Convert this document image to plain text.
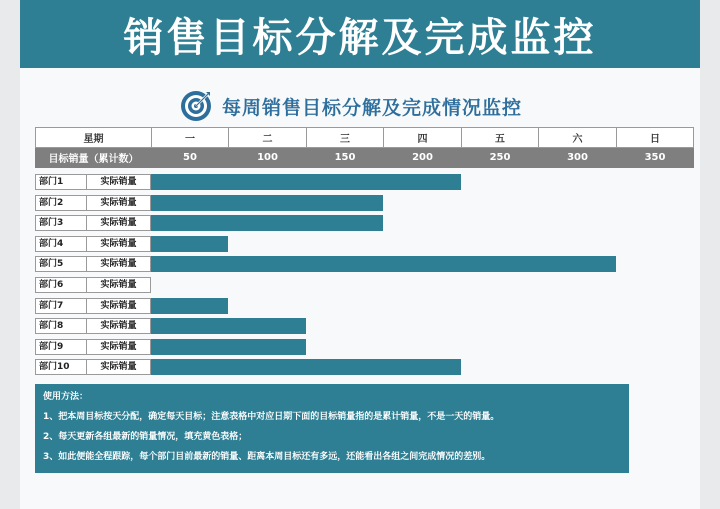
销售目标分解及完成监控
每周销售目标分解及完成情况监控
星期	一	二	三	四	五	六	日
目标销量（累计数）	50	100	150	200	250	300	350
部门1	实际销量
部门2	实际销量
部门3	实际销量
部门4	实际销量
部门5	实际销量
部门6	实际销量
部门7	实际销量
部门8	实际销量
部门9	实际销量
部门10	实际销量
使用方法：
1、把本周目标按天分配，确定每天目标；注意表格中对应日期下面的目标销量指的是累计销量，不是一天的销量。
2、每天更新各组最新的销量情况，填充黄色表格；
3、如此便能全程跟踪，每个部门目前最新的销量、距离本周目标还有多远，还能看出各组之间完成情况的差别。
